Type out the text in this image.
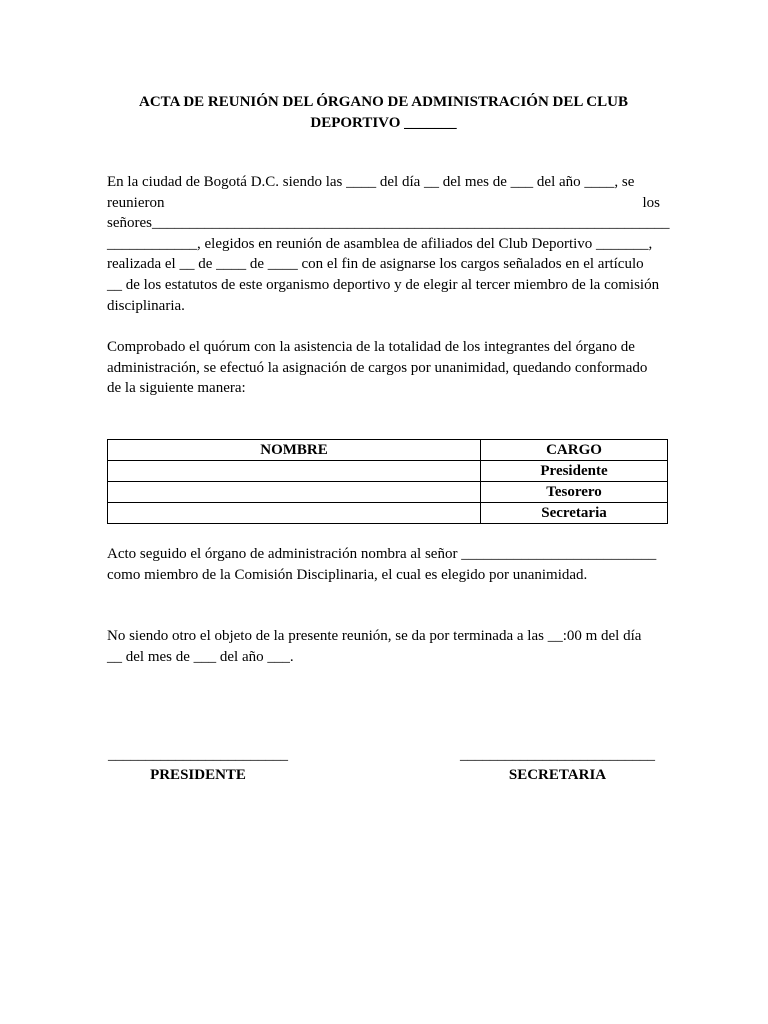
ACTA DE REUNIÓN DEL ÓRGANO DE ADMINISTRACIÓN DEL CLUB
DEPORTIVO _______
En la ciudad de Bogotá D.C. siendo las ____ del día __ del mes de ___ del año ____, se
reunieron	los
señores_____________________________________________________________________
____________, elegidos en reunión de asamblea de afiliados del Club Deportivo _______,
realizada el __ de ____ de ____ con el fin de asignarse los cargos señalados en el artículo
__ de los estatutos de este organismo deportivo y de elegir al tercer miembro de la comisión
disciplinaria.
Comprobado el quórum con la asistencia de la totalidad de los integrantes del órgano de
administración, se efectuó la asignación de cargos por unanimidad, quedando conformado
de la siguiente manera:
Acto seguido el órgano de administración nombra al señor __________________________
como miembro de la Comisión Disciplinaria, el cual es elegido por unanimidad.
No siendo otro el objeto de la presente reunión, se da por terminada a las __:00 m del día
__ del mes de ___ del año ___.
NOMBRE	CARGO
	Presidente
	Tesorero
	Secretaria
________________________
PRESIDENTE
__________________________
SECRETARIA
